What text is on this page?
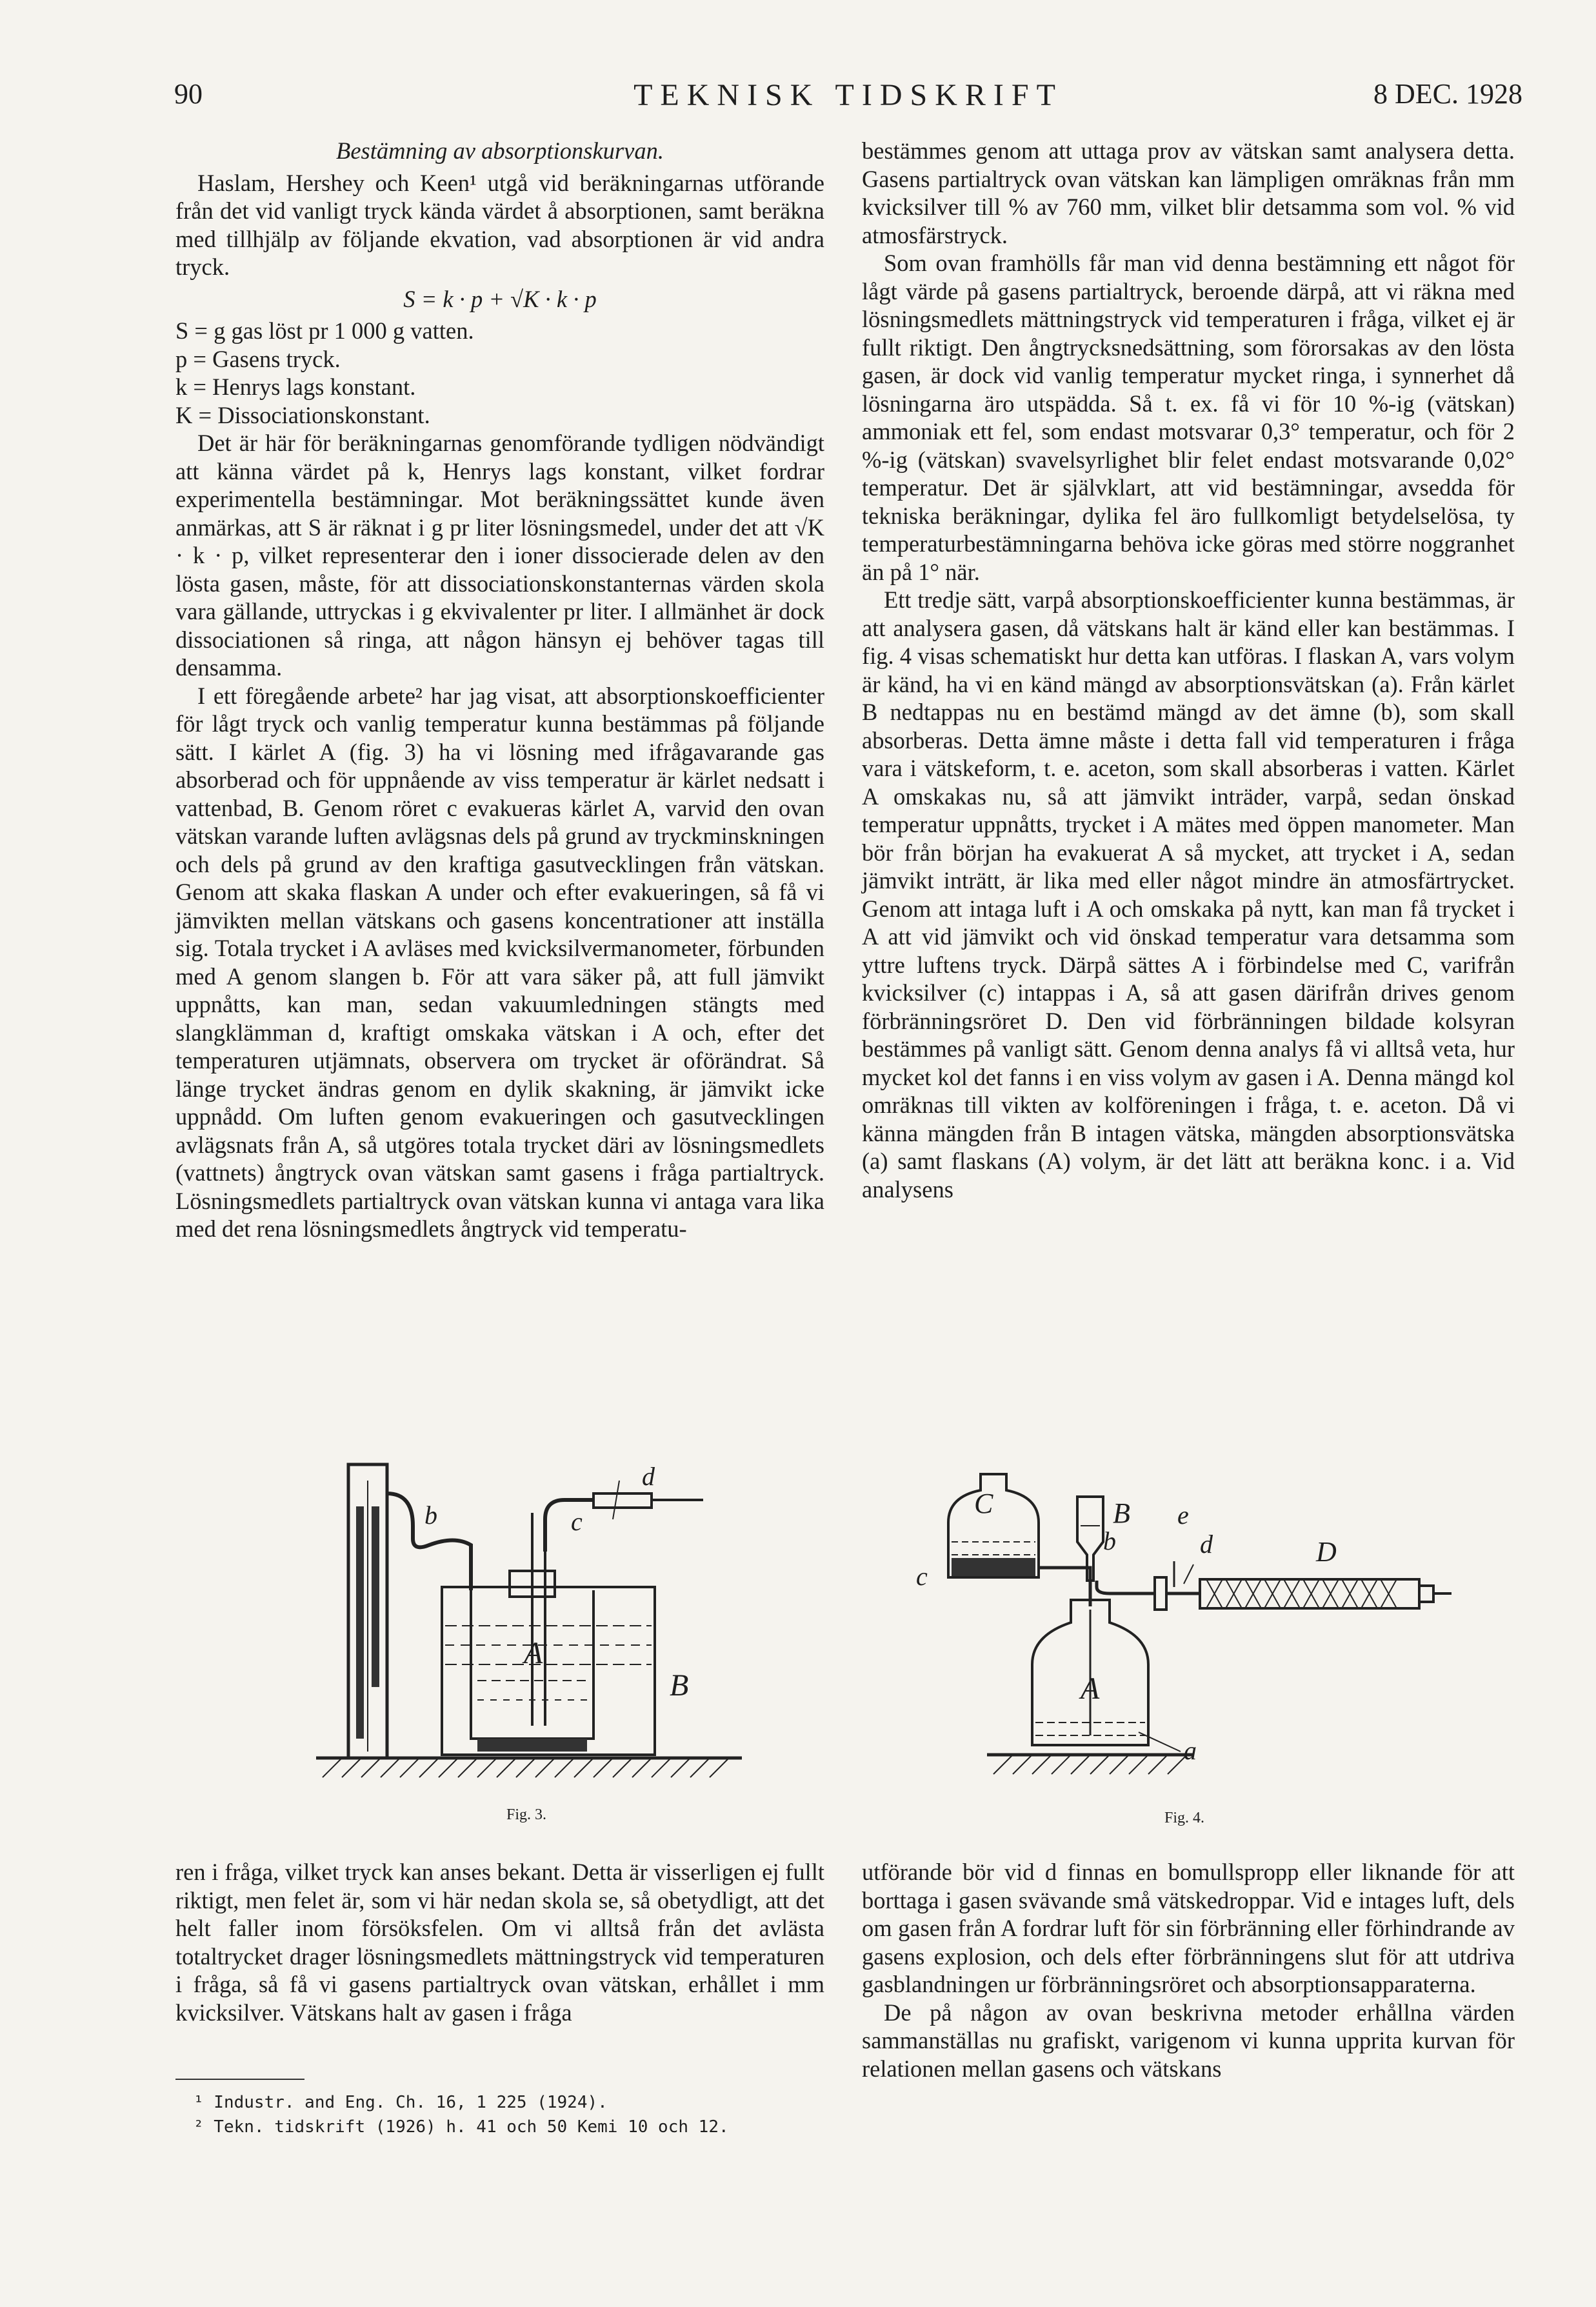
90	TEKNISK TIDSKRIFT	8 DEC. 1928

Bestämning av absorptionskurvan.

Haslam, Hershey och Keen¹ utgå vid beräkningarnas utförande från det vid vanligt tryck kända värdet å absorptionen, samt beräkna med tillhjälp av följande ekvation, vad absorptionen är vid andra tryck.

S = k · p + √K · k · p

S = g gas löst pr 1 000 g vatten.
p = Gasens tryck.
k = Henrys lags konstant.
K = Dissociationskonstant.

Det är här för beräkningarnas genomförande tydligen nödvändigt att känna värdet på k, Henrys lags konstant, vilket fordrar experimentella bestämningar. Mot beräkningssättet kunde även anmärkas, att S är räknat i g pr liter lösningsmedel, under det att √K · k · p, vilket representerar den i ioner dissocierade delen av den lösta gasen, måste, för att dissociationskonstanternas värden skola vara gällande, uttryckas i g ekvivalenter pr liter. I allmänhet är dock dissociationen så ringa, att någon hänsyn ej behöver tagas till densamma.

I ett föregående arbete² har jag visat, att absorptionskoefficienter för lågt tryck och vanlig temperatur kunna bestämmas på följande sätt. I kärlet A (fig. 3) ha vi lösning med ifrågavarande gas absorberad och för uppnående av viss temperatur är kärlet nedsatt i vattenbad, B. Genom röret c evakueras kärlet A, varvid den ovan vätskan varande luften avlägsnas dels på grund av tryckminskningen och dels på grund av den kraftiga gasutvecklingen från vätskan. Genom att skaka flaskan A under och efter evakueringen, så få vi jämvikten mellan vätskans och gasens koncentrationer att inställa sig. Totala trycket i A avläses med kvicksilvermanometer, förbunden med A genom slangen b. För att vara säker på, att full jämvikt uppnåtts, kan man, sedan vakuumledningen stängts med slangklämman d, kraftigt omskaka vätskan i A och, efter det temperaturen utjämnats, observera om trycket är oförändrat. Så länge trycket ändras genom en dylik skakning, är jämvikt icke uppnådd. Om luften genom evakueringen och gasutvecklingen avlägsnats från A, så utgöres totala trycket däri av lösningsmedlets (vattnets) ångtryck ovan vätskan samt gasens i fråga partialtryck. Lösningsmedlets partialtryck ovan vätskan kunna vi antaga vara lika med det rena lösningsmedlets ångtryck vid temperatu-

bestämmes genom att uttaga prov av vätskan samt analysera detta. Gasens partialtryck ovan vätskan kan lämpligen omräknas från mm kvicksilver till % av 760 mm, vilket blir detsamma som vol. % vid atmosfärstryck.

Som ovan framhölls får man vid denna bestämning ett något för lågt värde på gasens partialtryck, beroende därpå, att vi räkna med lösningsmedlets mättningstryck vid temperaturen i fråga, vilket ej är fullt riktigt. Den ångtrycksnedsättning, som förorsakas av den lösta gasen, är dock vid vanlig temperatur mycket ringa, i synnerhet då lösningarna äro utspädda. Så t. ex. få vi för 10 %-ig (vätskan) ammoniak ett fel, som endast motsvarar 0,3° temperatur, och för 2 %-ig (vätskan) svavelsyrlighet blir felet endast motsvarande 0,02° temperatur. Det är självklart, att vid bestämningar, avsedda för tekniska beräkningar, dylika fel äro fullkomligt betydelselösa, ty temperaturbestämningarna behöva icke göras med större noggranhet än på 1° när.

Ett tredje sätt, varpå absorptionskoefficienter kunna bestämmas, är att analysera gasen, då vätskans halt är känd eller kan bestämmas. I fig. 4 visas schematiskt hur detta kan utföras. I flaskan A, vars volym är känd, ha vi en känd mängd av absorptionsvätskan (a). Från kärlet B nedtappas nu en bestämd mängd av det ämne (b), som skall absorberas. Detta ämne måste i detta fall vid temperaturen i fråga vara i vätskeform, t. e. aceton, som skall absorberas i vatten. Kärlet A omskakas nu, så att jämvikt inträder, varpå, sedan önskad temperatur uppnåtts, trycket i A mätes med öppen manometer. Man bör från början ha evakuerat A så mycket, att trycket i A, sedan jämvikt inträtt, är lika med eller något mindre än atmosfärtrycket. Genom att intaga luft i A och omskaka på nytt, kan man få trycket i A att vid jämvikt och vid önskad temperatur vara detsamma som yttre luftens tryck. Därpå sättes A i förbindelse med C, varifrån kvicksilver (c) intappas i A, så att gasen därifrån drives genom förbränningsröret D. Den vid förbränningen bildade kolsyran bestämmes på vanligt sätt. Genom denna analys få vi alltså veta, hur mycket kol det fanns i en viss volym av gasen i A. Denna mängd kol omräknas till vikten av kolföreningen i fråga, t. e. aceton. Då vi känna mängden från B intagen vätska, mängden absorptionsvätska (a) samt flaskans (A) volym, är det lätt att beräkna konc. i a. Vid analysens

b	c
d
A
B
Fig. 3.
C
c
B
b
e
d	D
A
a
Fig. 4.

ren i fråga, vilket tryck kan anses bekant. Detta är visserligen ej fullt riktigt, men felet är, som vi här nedan skola se, så obetydligt, att det helt faller inom försöksfelen. Om vi alltså från det avlästa totaltrycket drager lösningsmedlets mättningstryck vid temperaturen i fråga, så få vi gasens partialtryck ovan vätskan, erhållet i mm kvicksilver. Vätskans halt av gasen i fråga

utförande bör vid d finnas en bomullspropp eller liknande för att borttaga i gasen svävande små vätskedroppar. Vid e intages luft, dels om gasen från A fordrar luft för sin förbränning eller förhindrande av gasens explosion, och dels efter förbränningens slut för att utdriva gasblandningen ur förbränningsröret och absorptionsapparaterna.

De på någon av ovan beskrivna metoder erhållna värden sammanställas nu grafiskt, varigenom vi kunna upprita kurvan för relationen mellan gasens och vätskans

¹ Industr. and Eng. Ch. 16, 1 225 (1924).
² Tekn. tidskrift (1926) h. 41 och 50 Kemi 10 och 12.
